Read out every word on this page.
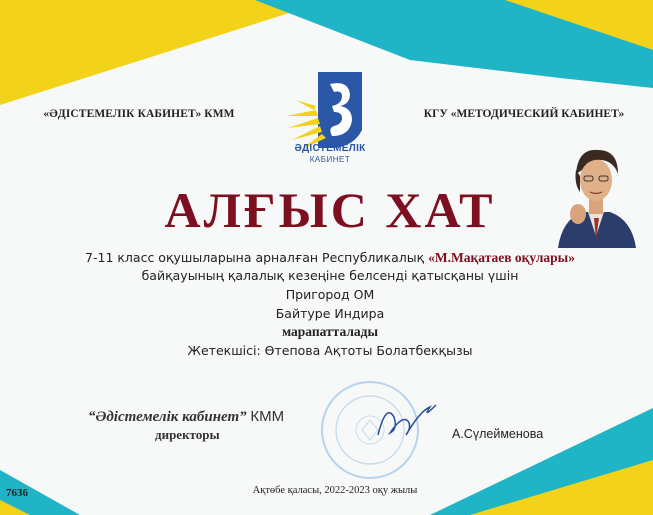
«ӘДІСТЕМЕЛІК КАБИНЕТ» КММ	КГУ «МЕТОДИЧЕСКИЙ КАБИНЕТ»
ӘДІСТЕМЕЛІК
КАБИНЕТ
АЛҒЫС ХАТ
7-11 класс оқушыларына арналған Республикалық «М.Мақатаев оқулары»
байқауының қалалық кезеңіне белсенді қатысқаны үшін
Пригород ОМ
Байтуре Индира
марапатталады
Жетекшісі: Өтепова Ақтоты Болатбекқызы
“Әдістемелік кабинет” КММ
директоры	А.Сүлейменова
7636	Ақтөбе қаласы, 2022-2023 оқу жылы
